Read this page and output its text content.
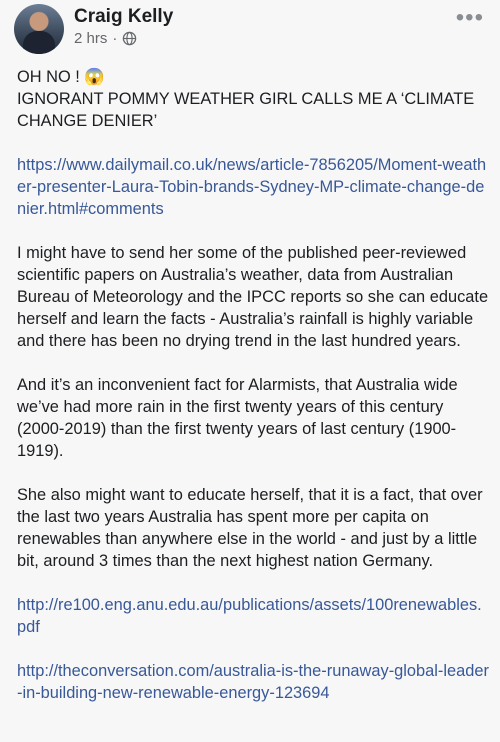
Craig Kelly
2 hrs ·
•••

OH NO ! 😱
IGNORANT POMMY WEATHER GIRL CALLS ME A ‘CLIMATE CHANGE DENIER’

https://www.dailymail.co.uk/news/article-7856205/Moment-weather-presenter-Laura-Tobin-brands-Sydney-MP-climate-change-denier.html#comments

I might have to send her some of the published peer-reviewed scientific papers on Australia’s weather, data from Australian Bureau of Meteorology and the IPCC reports so she can educate herself and learn the facts - Australia’s rainfall is highly variable and there has been no drying trend in the last hundred years.

And it’s an inconvenient fact for Alarmists, that Australia wide we’ve had more rain in the first twenty years of this century (2000-2019) than the first twenty years of last century (1900-1919).

She also might want to educate herself, that it is a fact, that over the last two years Australia has spent more per capita on renewables than anywhere else in the world - and just by a little bit, around 3 times than the next highest nation Germany.

http://re100.eng.anu.edu.au/publications/assets/100renewables.pdf

http://theconversation.com/australia-is-the-runaway-global-leader-in-building-new-renewable-energy-123694
